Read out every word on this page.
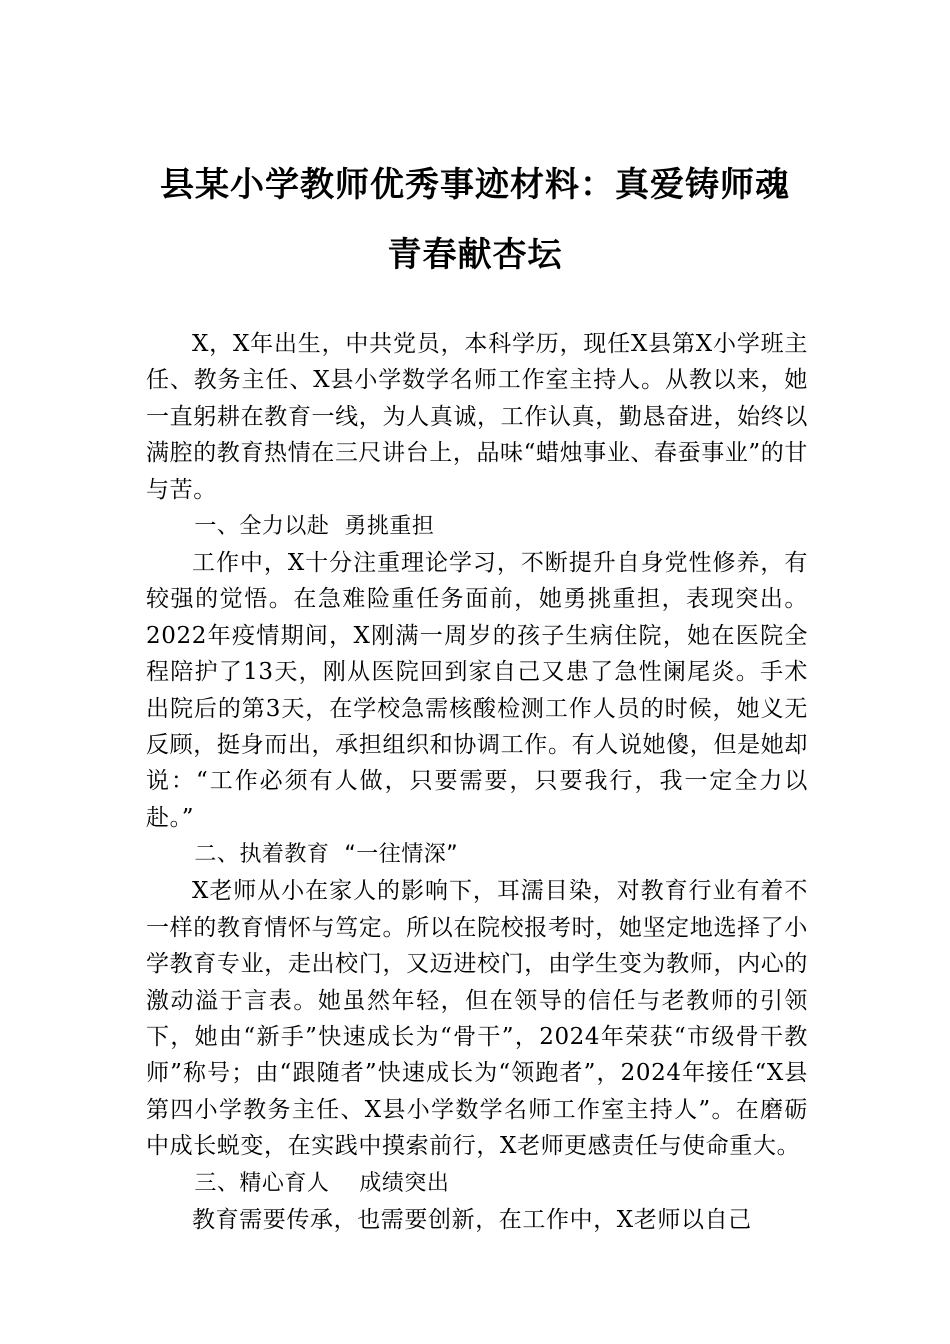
县某小学教师优秀事迹材料：真爱铸师魂
青春献杏坛

X，X年出生，中共党员，本科学历，现任X县第X小学班主任、教务主任、X县小学数学名师工作室主持人。从教以来，她一直躬耕在教育一线，为人真诚，工作认真，勤恳奋进，始终以满腔的教育热情在三尺讲台上，品味“蜡烛事业、春蚕事业”的甘与苦。

一、全力以赴  勇挑重担

工作中，X十分注重理论学习，不断提升自身党性修养，有较强的觉悟。在急难险重任务面前，她勇挑重担，表现突出。2022年疫情期间，X刚满一周岁的孩子生病住院，她在医院全程陪护了13天，刚从医院回到家自己又患了急性阑尾炎。手术出院后的第3天，在学校急需核酸检测工作人员的时候，她义无反顾，挺身而出，承担组织和协调工作。有人说她傻，但是她却说：“工作必须有人做，只要需要，只要我行，我一定全力以赴。”

二、执着教育  “一往情深”

X老师从小在家人的影响下，耳濡目染，对教育行业有着不一样的教育情怀与笃定。所以在院校报考时，她坚定地选择了小学教育专业，走出校门，又迈进校门，由学生变为教师，内心的激动溢于言表。她虽然年轻，但在领导的信任与老教师的引领下，她由“新手”快速成长为“骨干”，2024年荣获“市级骨干教师”称号；由“跟随者”快速成长为“领跑者”，2024年接任“X县第四小学教务主任、X县小学数学名师工作室主持人”。在磨砺中成长蜕变，在实践中摸索前行，X老师更感责任与使命重大。

三、精心育人    成绩突出

教育需要传承，也需要创新，在工作中，X老师以自己
